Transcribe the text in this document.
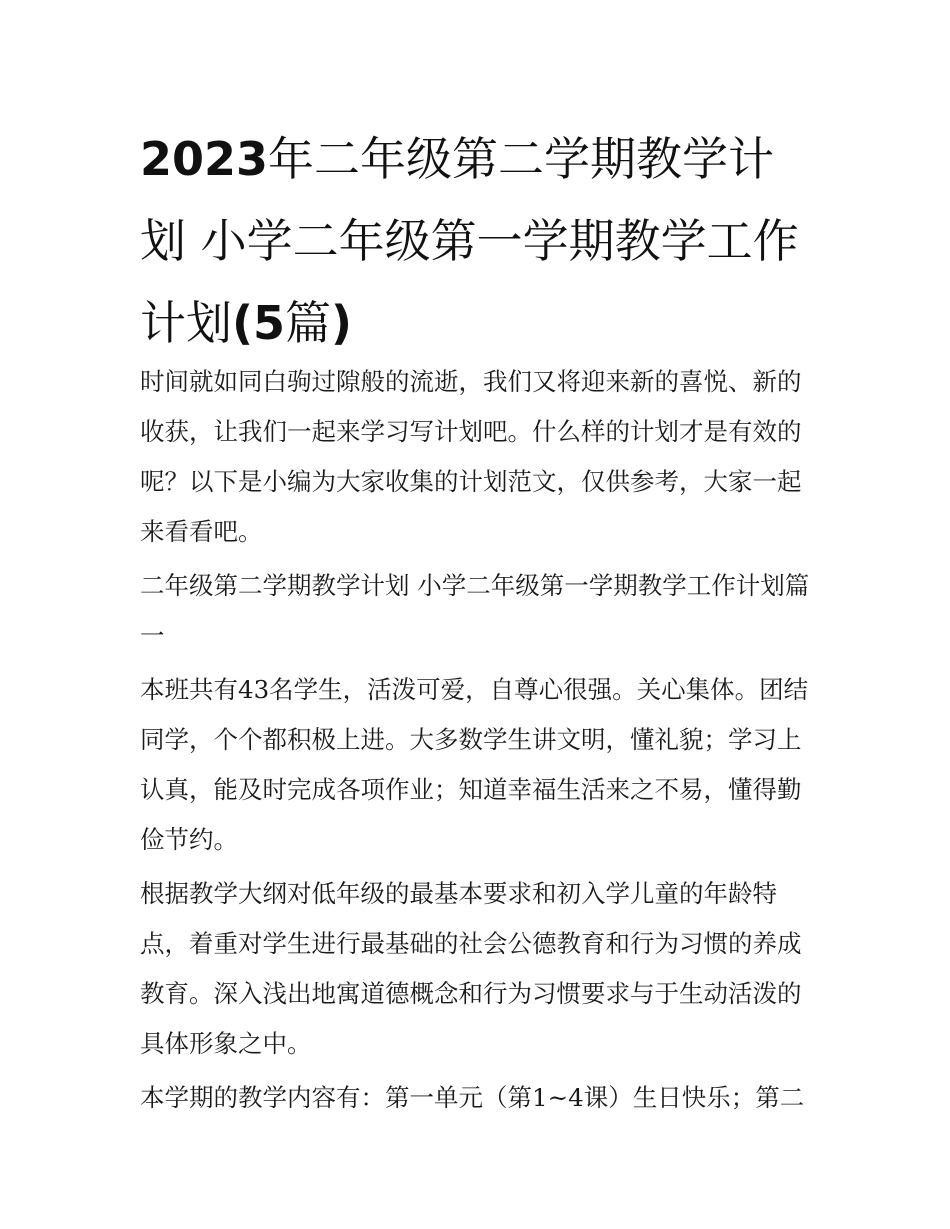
2023年二年级第二学期教学计划 小学二年级第一学期教学工作计划(5篇)

时间就如同白驹过隙般的流逝，我们又将迎来新的喜悦、新的收获，让我们一起来学习写计划吧。什么样的计划才是有效的呢？以下是小编为大家收集的计划范文，仅供参考，大家一起来看看吧。

二年级第二学期教学计划 小学二年级第一学期教学工作计划篇一

本班共有43名学生，活泼可爱，自尊心很强。关心集体。团结同学，个个都积极上进。大多数学生讲文明，懂礼貌；学习上认真，能及时完成各项作业；知道幸福生活来之不易，懂得勤俭节约。

根据教学大纲对低年级的最基本要求和初入学儿童的年龄特点，着重对学生进行最基础的社会公德教育和行为习惯的养成教育。深入浅出地寓道德概念和行为习惯要求与于生动活泼的具体形象之中。

本学期的教学内容有：第一单元（第1~4课）生日快乐；第二
